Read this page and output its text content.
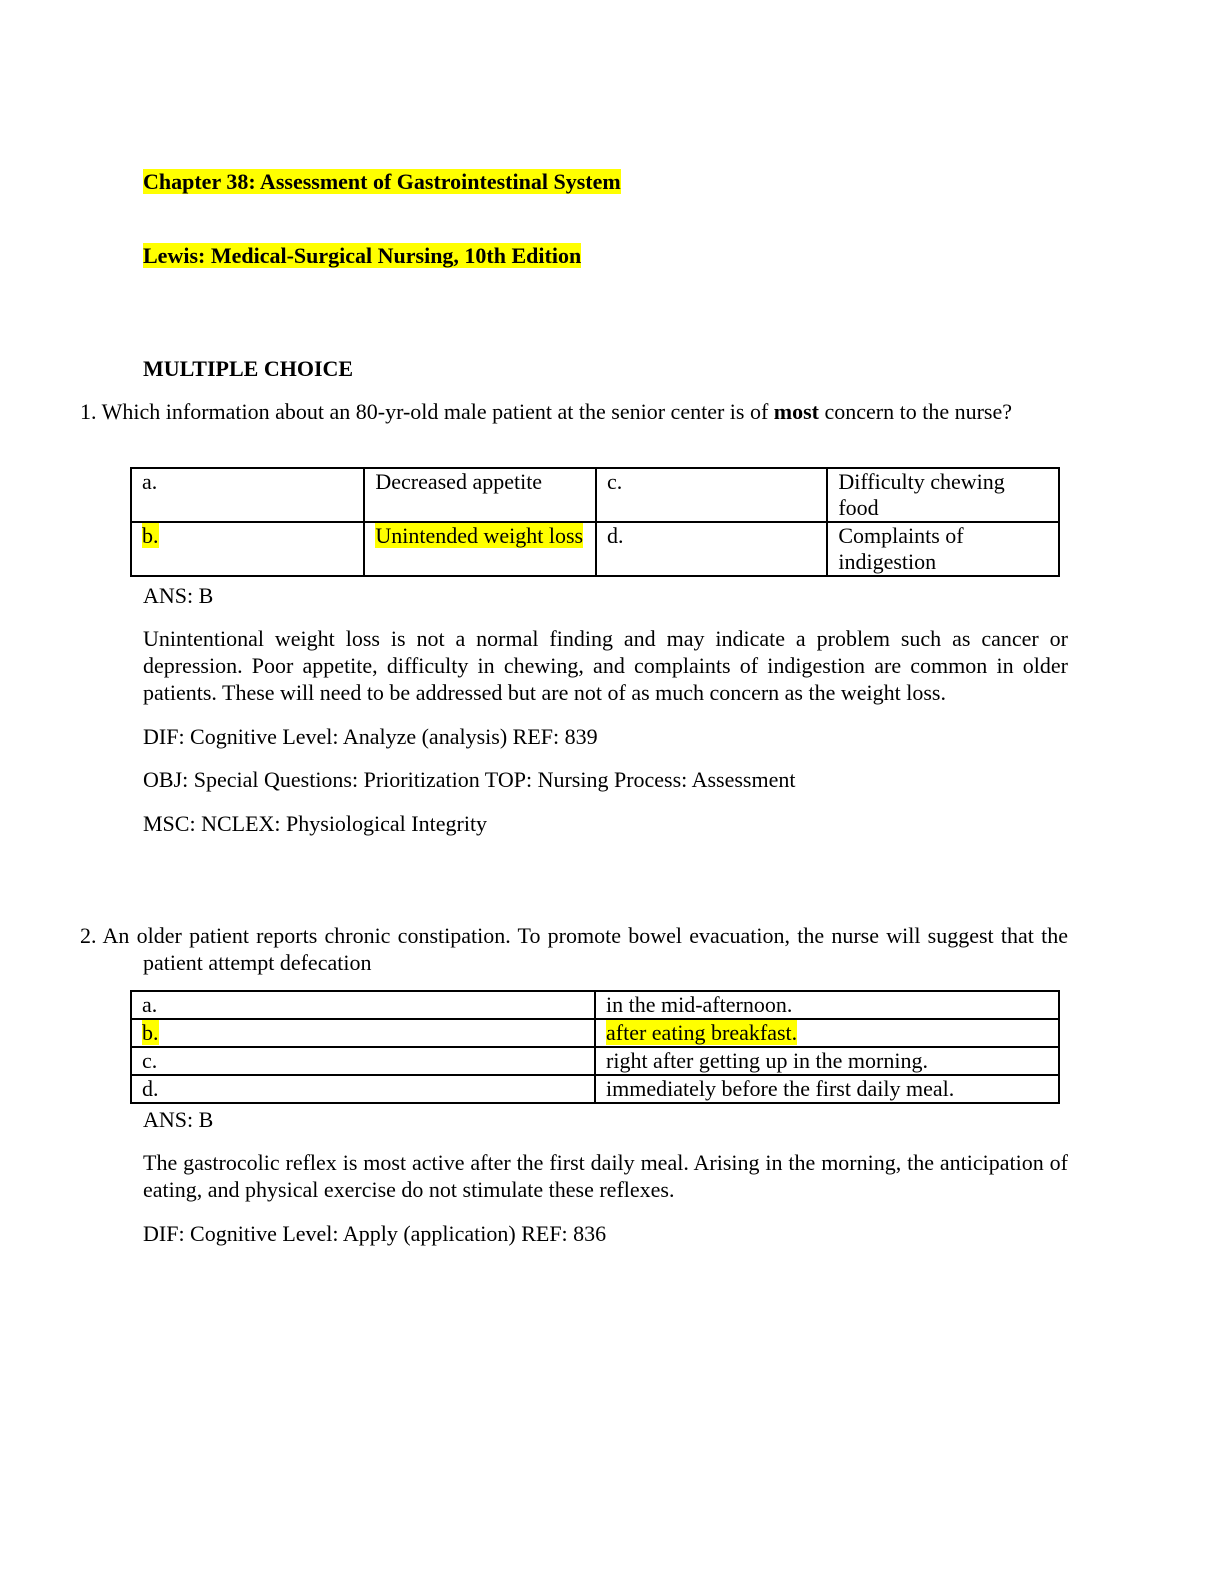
Chapter 38: Assessment of Gastrointestinal System
Lewis: Medical-Surgical Nursing, 10th Edition
MULTIPLE CHOICE

1. Which information about an 80-yr-old male patient at the senior center is of most concern to the nurse?

a.	Decreased appetite	c.	Difficulty chewing food
b.	Unintended weight loss	d.	Complaints of indigestion
ANS: B

Unintentional weight loss is not a normal finding and may indicate a problem such as cancer or depression. Poor appetite, difficulty in chewing, and complaints of indigestion are common in older patients. These will need to be addressed but are not of as much concern as the weight loss.

DIF: Cognitive Level: Analyze (analysis) REF: 839
OBJ: Special Questions: Prioritization TOP: Nursing Process: Assessment
MSC: NCLEX: Physiological Integrity

2. An older patient reports chronic constipation. To promote bowel evacuation, the nurse will suggest that the patient attempt defecation

a.	in the mid-afternoon.
b.	after eating breakfast.
c.	right after getting up in the morning.
d.	immediately before the first daily meal.
ANS: B

The gastrocolic reflex is most active after the first daily meal. Arising in the morning, the anticipation of eating, and physical exercise do not stimulate these reflexes.

DIF: Cognitive Level: Apply (application) REF: 836
